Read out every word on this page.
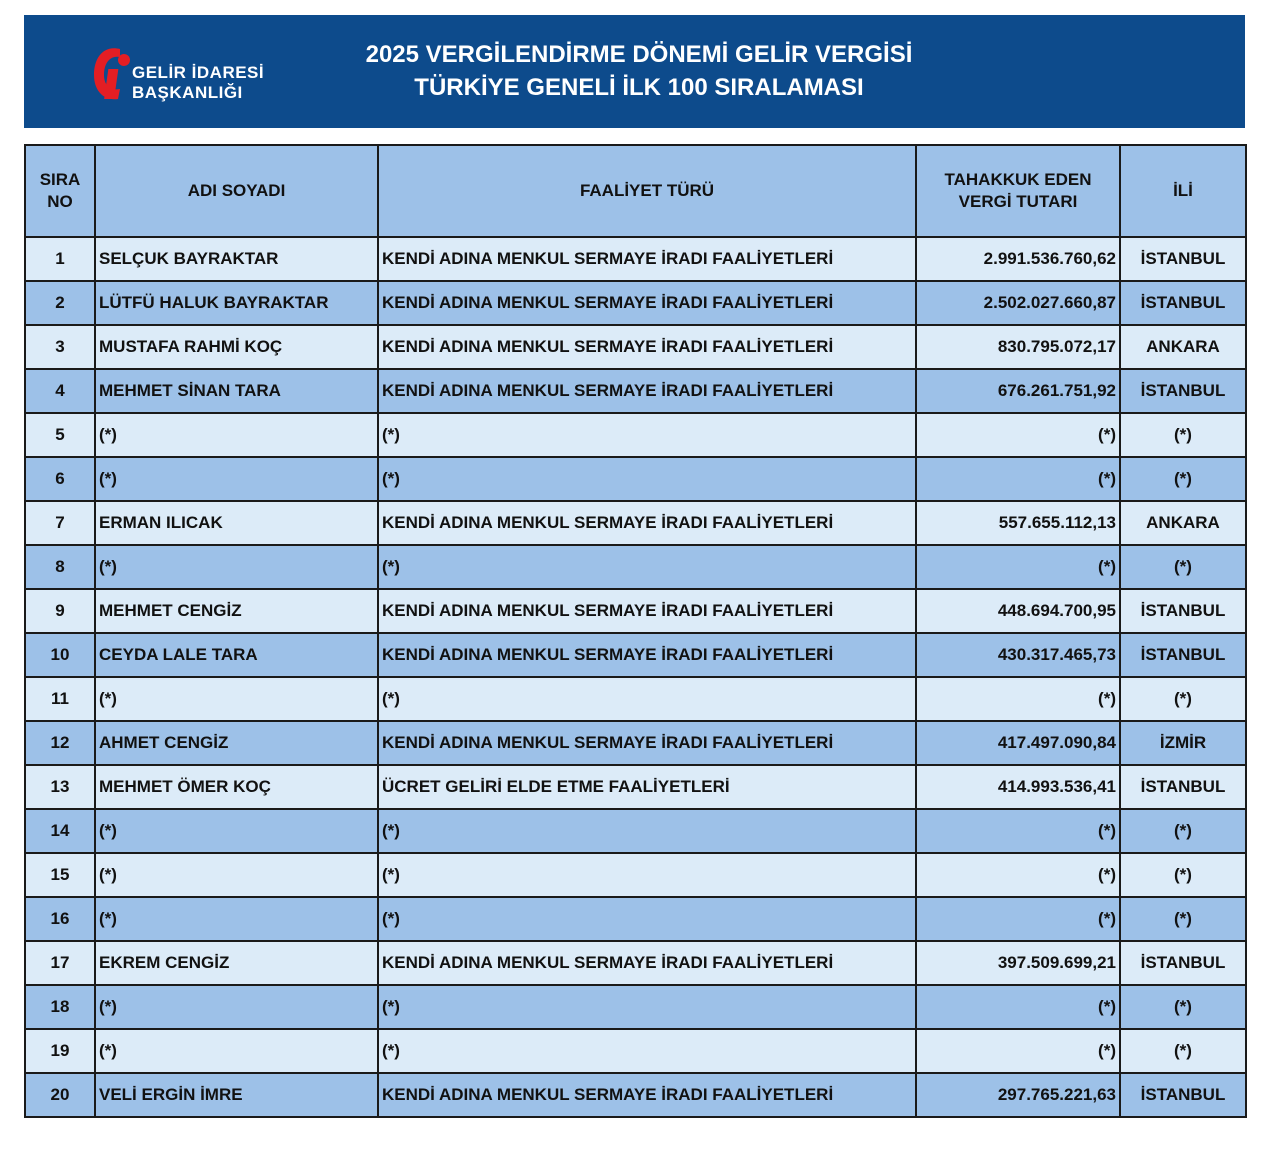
GELİR İDARESİ
BAŞKANLIĞI
2025 VERGİLENDİRME DÖNEMİ GELİR VERGİSİ
TÜRKİYE GENELİ İLK 100 SIRALAMASI
SIRA NO	ADI SOYADI	FAALİYET TÜRÜ	TAHAKKUK EDEN VERGİ TUTARI	İLİ
1	SELÇUK BAYRAKTAR	KENDİ ADINA MENKUL SERMAYE İRADI FAALİYETLERİ	2.991.536.760,62	İSTANBUL
2	LÜTFÜ HALUK BAYRAKTAR	KENDİ ADINA MENKUL SERMAYE İRADI FAALİYETLERİ	2.502.027.660,87	İSTANBUL
3	MUSTAFA RAHMİ KOÇ	KENDİ ADINA MENKUL SERMAYE İRADI FAALİYETLERİ	830.795.072,17	ANKARA
4	MEHMET SİNAN TARA	KENDİ ADINA MENKUL SERMAYE İRADI FAALİYETLERİ	676.261.751,92	İSTANBUL
5	(*)	(*)	(*)	(*)
6	(*)	(*)	(*)	(*)
7	ERMAN ILICAK	KENDİ ADINA MENKUL SERMAYE İRADI FAALİYETLERİ	557.655.112,13	ANKARA
8	(*)	(*)	(*)	(*)
9	MEHMET CENGİZ	KENDİ ADINA MENKUL SERMAYE İRADI FAALİYETLERİ	448.694.700,95	İSTANBUL
10	CEYDA LALE TARA	KENDİ ADINA MENKUL SERMAYE İRADI FAALİYETLERİ	430.317.465,73	İSTANBUL
11	(*)	(*)	(*)	(*)
12	AHMET CENGİZ	KENDİ ADINA MENKUL SERMAYE İRADI FAALİYETLERİ	417.497.090,84	İZMİR
13	MEHMET ÖMER KOÇ	ÜCRET GELİRİ ELDE ETME FAALİYETLERİ	414.993.536,41	İSTANBUL
14	(*)	(*)	(*)	(*)
15	(*)	(*)	(*)	(*)
16	(*)	(*)	(*)	(*)
17	EKREM CENGİZ	KENDİ ADINA MENKUL SERMAYE İRADI FAALİYETLERİ	397.509.699,21	İSTANBUL
18	(*)	(*)	(*)	(*)
19	(*)	(*)	(*)	(*)
20	VELİ ERGİN İMRE	KENDİ ADINA MENKUL SERMAYE İRADI FAALİYETLERİ	297.765.221,63	İSTANBUL
